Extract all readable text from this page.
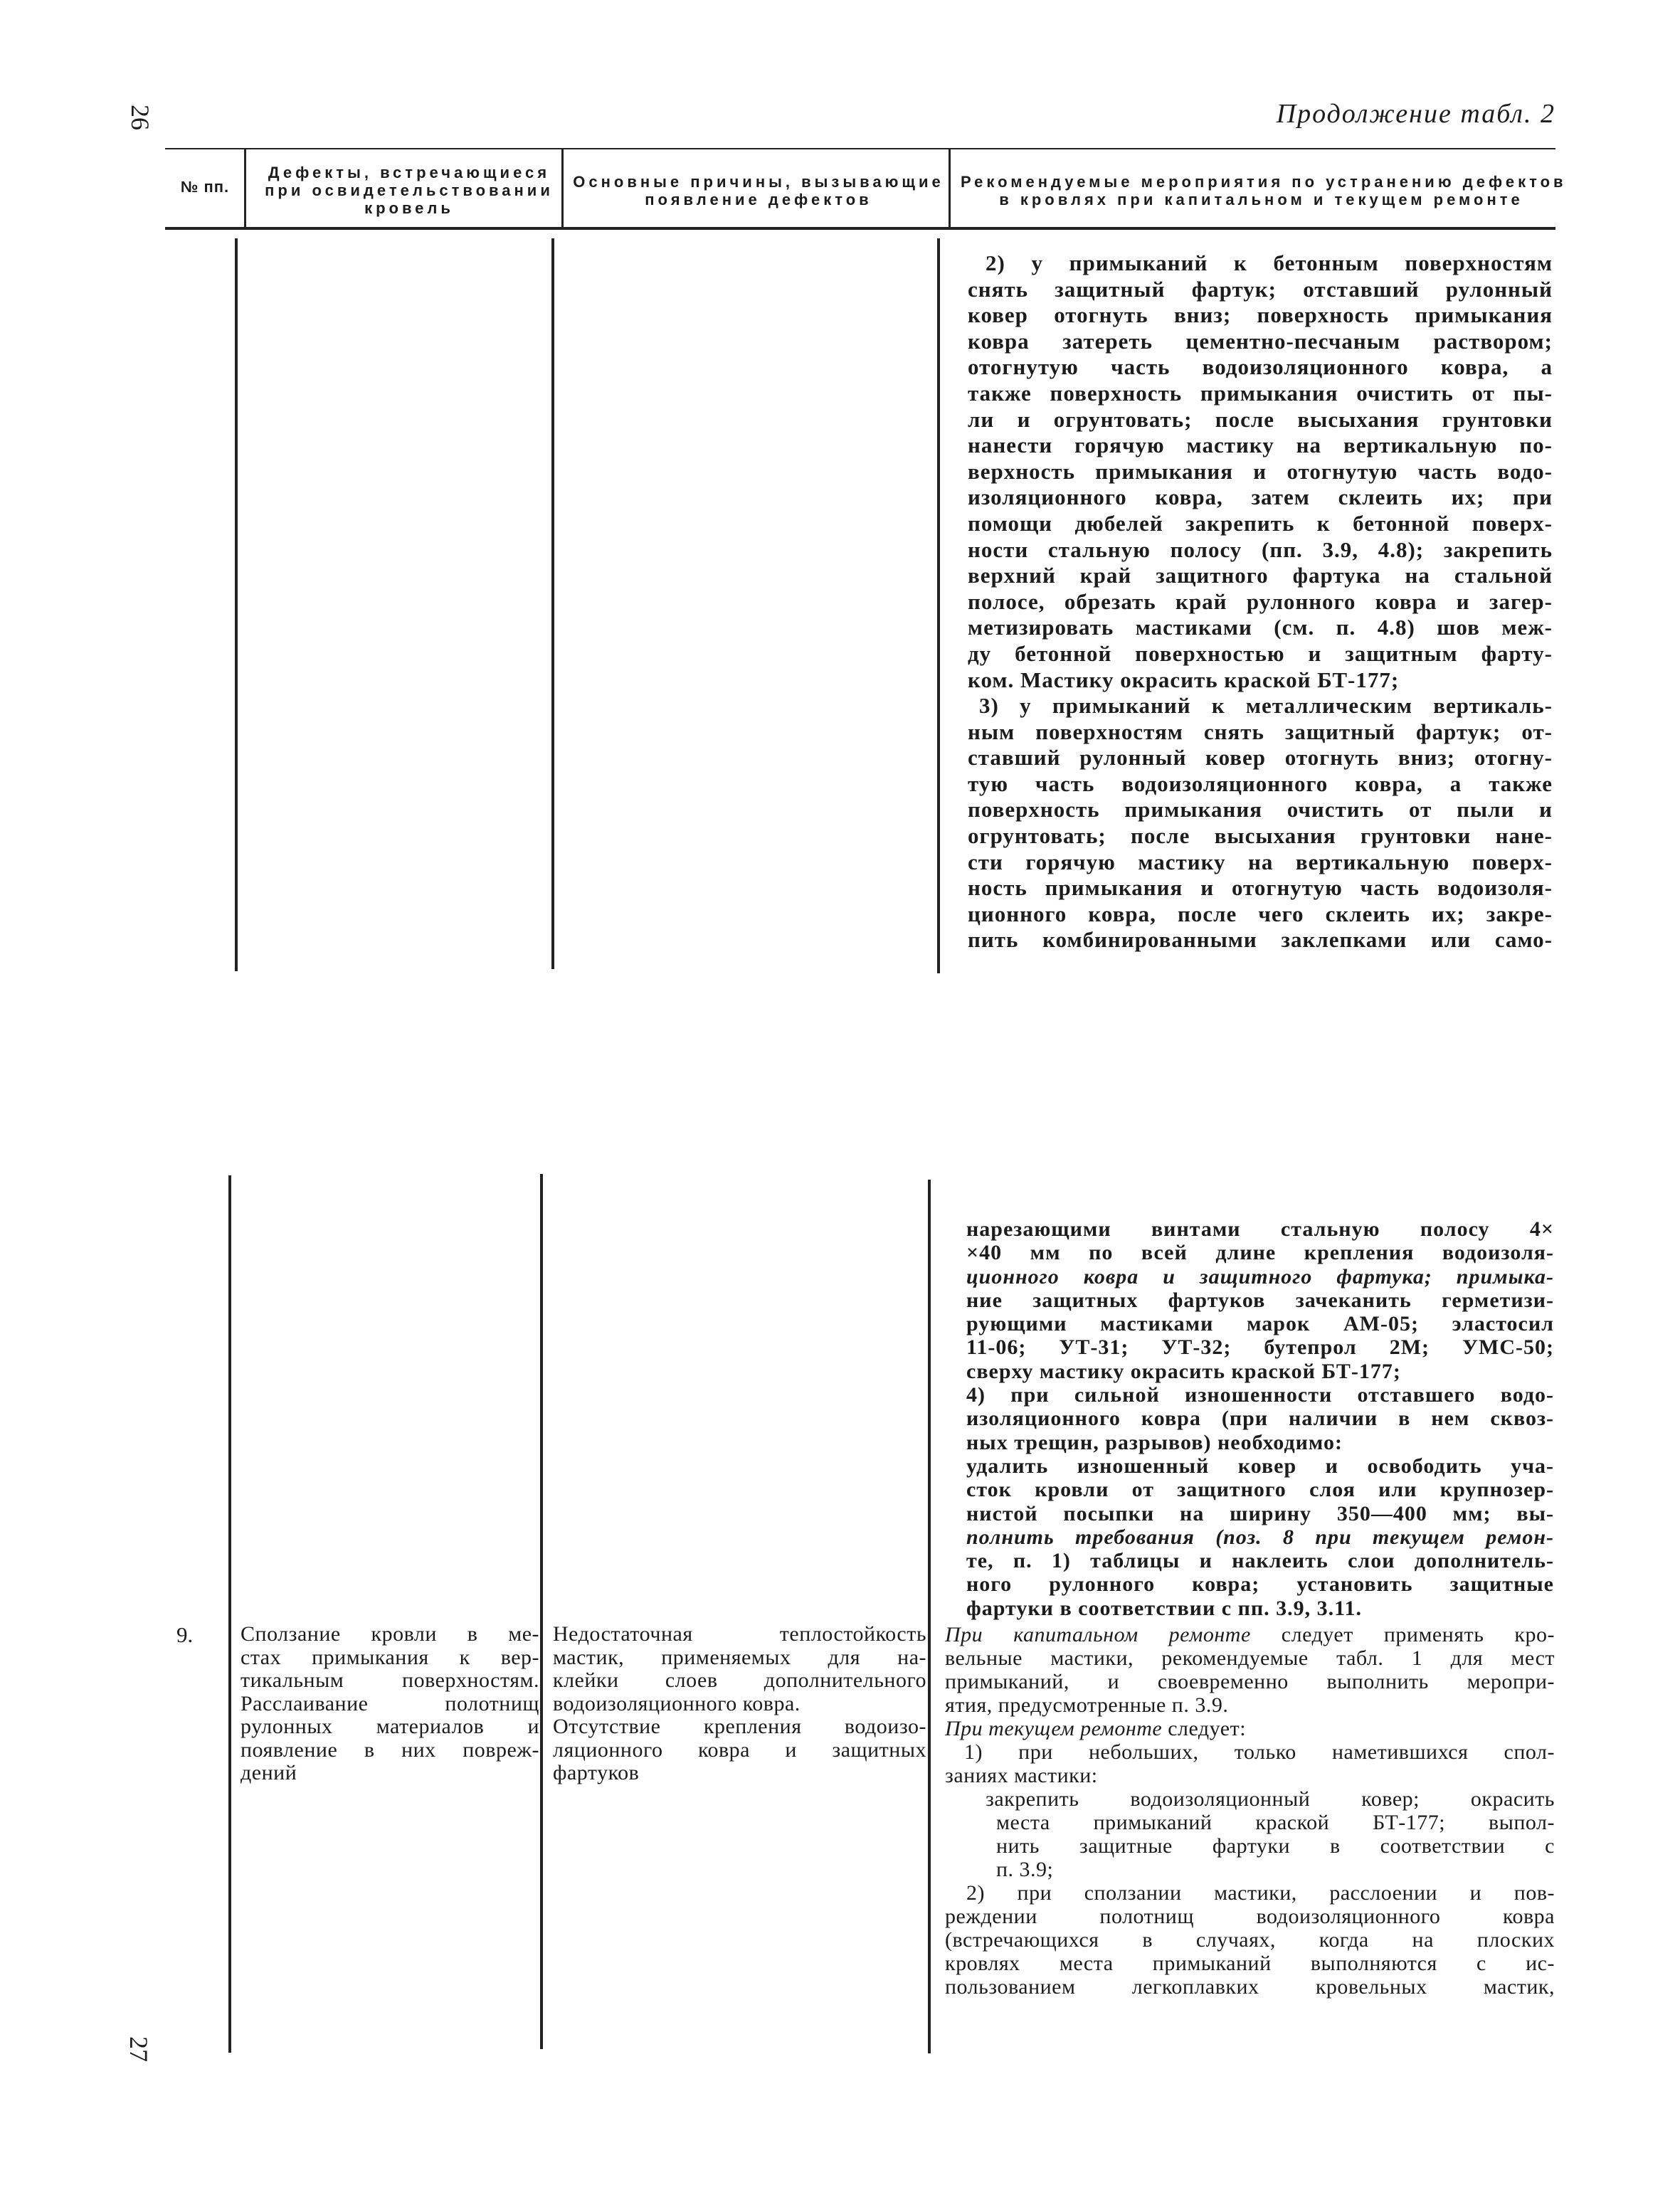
26	Продолжение табл. 2
№ пп.
Дефекты, встречающиеся
при освидетельствовании
кровель
Основные причины, вызывающие
появление дефектов
Рекомендуемые мероприятия по устранению дефектов
в кровлях при капитальном и текущем ремонте
2) у примыканий к бетонным поверхностям
снять защитный фартук; отставший рулонный
ковер отогнуть вниз; поверхность примыкания
ковра затереть цементно-песчаным раствором;
отогнутую часть водоизоляционного ковра, а
также поверхность примыкания очистить от пы-
ли и огрунтовать; после высыхания грунтовки
нанести горячую мастику на вертикальную по-
верхность примыкания и отогнутую часть водо-
изоляционного ковра, затем склеить их; при
помощи дюбелей закрепить к бетонной поверх-
ности стальную полосу (пп. 3.9, 4.8); закрепить
верхний край защитного фартука на стальной
полосе, обрезать край рулонного ковра и загер-
метизировать мастиками (см. п. 4.8) шов меж-
ду бетонной поверхностью и защитным фарту-
ком. Мастику окрасить краской БТ-177;
3) у примыканий к металлическим вертикаль-
ным поверхностям снять защитный фартук; от-
ставший рулонный ковер отогнуть вниз; отогну-
тую часть водоизоляционного ковра, а также
поверхность примыкания очистить от пыли и
огрунтовать; после высыхания грунтовки нане-
сти горячую мастику на вертикальную поверх-
ность примыкания и отогнутую часть водоизоля-
ционного ковра, после чего склеить их; закре-
пить комбинированными заклепками или само-
нарезающими винтами стальную полосу 4×
×40 мм по всей длине крепления водоизоля-
ционного ковра и защитного фартука; примыка-
ние защитных фартуков зачеканить герметизи-
рующими мастиками марок АМ-05; эластосил
11-06; УТ-31; УТ-32; бутепрол 2М; УМС-50;
сверху мастику окрасить краской БТ-177;
4) при сильной изношенности отставшего водо-
изоляционного ковра (при наличии в нем сквоз-
ных трещин, разрывов) необходимо:
удалить изношенный ковер и освободить уча-
сток кровли от защитного слоя или крупнозер-
нистой посыпки на ширину 350—400 мм; вы-
полнить требования (поз. 8 при текущем ремон-
те, п. 1) таблицы и наклеить слои дополнитель-
ного рулонного ковра; установить защитные
фартуки в соответствии с пп. 3.9, 3.11.
9.	Сползание кровли в ме-
стах примыкания к вер-
тикальным поверхностям.
Расслаивание полотнищ
рулонных материалов и
появление в них повреж-
дений
Недостаточная теплостойкость
мастик, применяемых для на-
клейки слоев дополнительного
водоизоляционного ковра.
Отсутствие крепления водоизо-
ляционного ковра и защитных
фартуков
При капитальном ремонте следует применять кро-
вельные мастики, рекомендуемые табл. 1 для мест
примыканий, и своевременно выполнить меропри-
ятия, предусмотренные п. 3.9.
При текущем ремонте следует:
1) при небольших, только наметившихся спол-
заниях мастики:
закрепить водоизоляционный ковер; окрасить
места примыканий краской БТ-177; выпол-
нить защитные фартуки в соответствии с
п. 3.9;
2) при сползании мастики, расслоении и пов-
реждении полотнищ водоизоляционного ковра
(встречающихся в случаях, когда на плоских
кровлях места примыканий выполняются с ис-
пользованием легкоплавких кровельных мастик,
27
